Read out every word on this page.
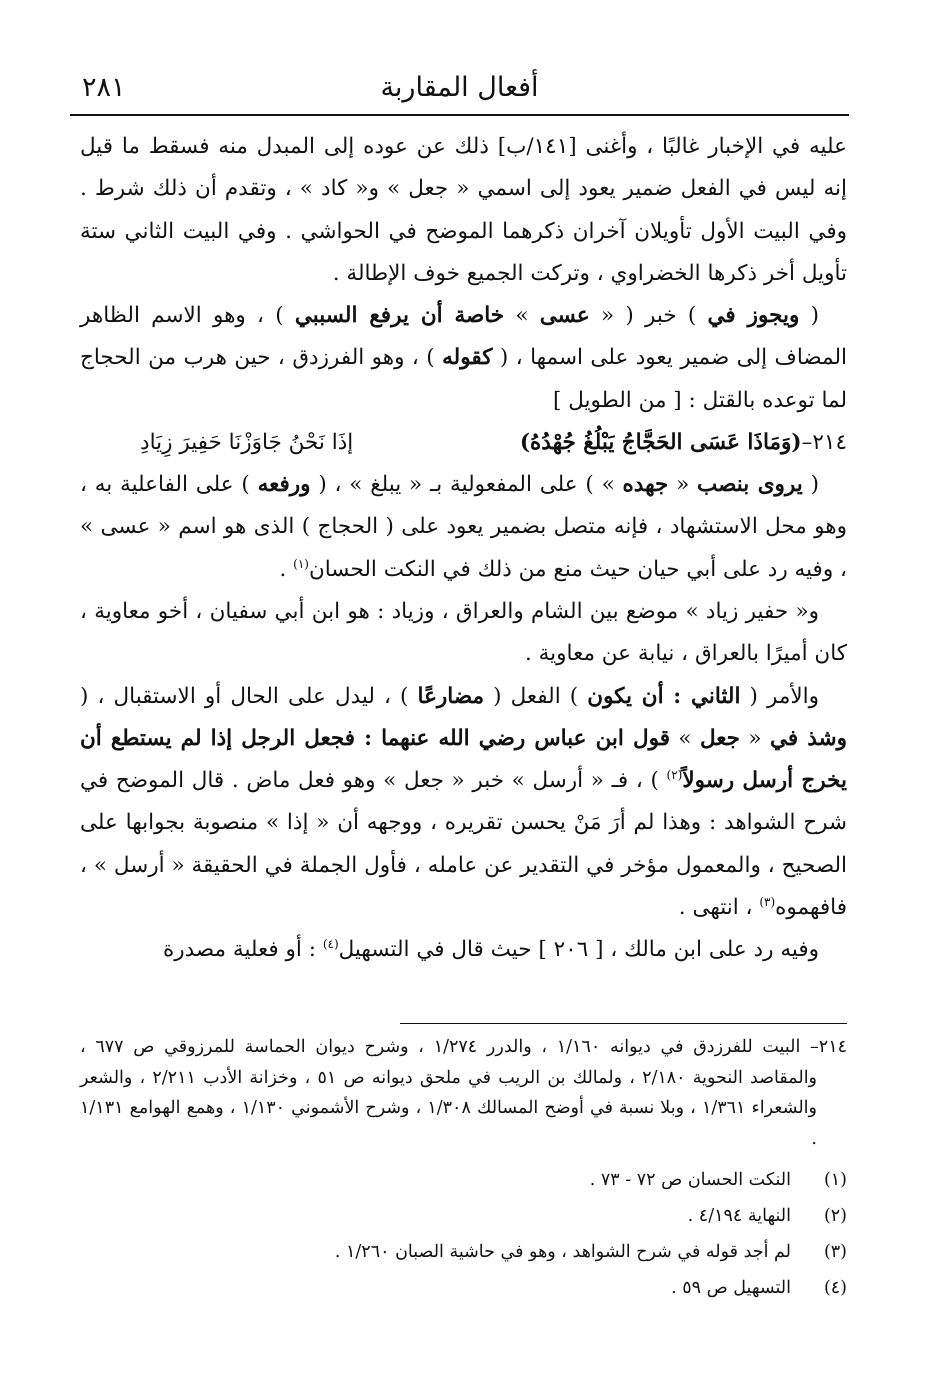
٢٨١	أفعال المقاربة

عليه في الإخبار غالبًا ، وأغنى [١٤١/ب] ذلك عن عوده إلى المبدل منه فسقط ما قيل إنه ليس في الفعل ضمير يعود إلى اسمي « جعل » و« كاد » ، وتقدم أن ذلك شرط . وفي البيت الأول تأويلان آخران ذكرهما الموضح في الحواشي . وفي البيت الثاني ستة تأويل أخر ذكرها الخضراوي ، وتركت الجميع خوف الإطالة .

( ويجوز في ) خبر ( « عسى » خاصة أن يرفع السببي ) ، وهو الاسم الظاهر المضاف إلى ضمير يعود على اسمها ، ( كقوله ) ، وهو الفرزدق ، حين هرب من الحجاج لما توعده بالقتل : [ من الطويل ]

٢١٤–(وَمَاذَا عَسَى الحَجَّاجُ يَبْلُغُ جُهْدُهُ)
إذَا نَحْنُ جَاوَزْنَا حَفِيرَ زِيَادِ

( يروى بنصب « جهده » ) على المفعولية بـ « يبلغ » ، ( ورفعه ) على الفاعلية به ، وهو محل الاستشهاد ، فإنه متصل بضمير يعود على ( الحجاج ) الذى هو اسم « عسى » ، وفيه رد على أبي حيان حيث منع من ذلك في النكت الحسان$^{(١)}$ .

و« حفير زياد » موضع بين الشام والعراق ، وزياد : هو ابن أبي سفيان ، أخو معاوية ، كان أميرًا بالعراق ، نيابة عن معاوية .

والأمر ( الثاني : أن يكون ) الفعل ( مضارعًا ) ، ليدل على الحال أو الاستقبال ، ( وشذ في « جعل » قول ابن عباس رضي الله عنهما : فجعل الرجل إذا لم يستطع أن يخرج أرسل رسولاً$^{(٢)}$ ) ، فـ « أرسل » خبر « جعل » وهو فعل ماض . قال الموضح في شرح الشواهد : وهذا لم أرَ مَنْ يحسن تقريره ، ووجهه أن « إذا » منصوبة بجوابها على الصحيح ، والمعمول مؤخر في التقدير عن عامله ، فأول الجملة في الحقيقة « أرسل » ، فافهموه$^{(٣)}$ ، انتهى .

وفيه رد على ابن مالك ، [ ٢٠٦ ] حيث قال في التسهيل$^{(٤)}$ : أو فعلية مصدرة

٢١٤– البيت للفرزدق في ديوانه ١/١٦٠ ، والدرر ١/٢٧٤ ، وشرح ديوان الحماسة للمرزوقي ص ٦٧٧ ، والمقاصد النحوية ٢/١٨٠ ، ولمالك بن الريب في ملحق ديوانه ص ٥١ ، وخزانة الأدب ٢/٢١١ ، والشعر والشعراء ١/٣٦١ ، وبلا نسبة في أوضح المسالك ١/٣٠٨ ، وشرح الأشموني ١/١٣٠ ، وهمع الهوامع ١/١٣١ .

(١)
النكت الحسان ص ٧٢ - ٧٣ .
(٢)
النهاية ٤/١٩٤ .
(٣)
لم أجد قوله في شرح الشواهد ، وهو في حاشية الصبان ١/٢٦٠ .
(٤)
التسهيل ص ٥٩ .
